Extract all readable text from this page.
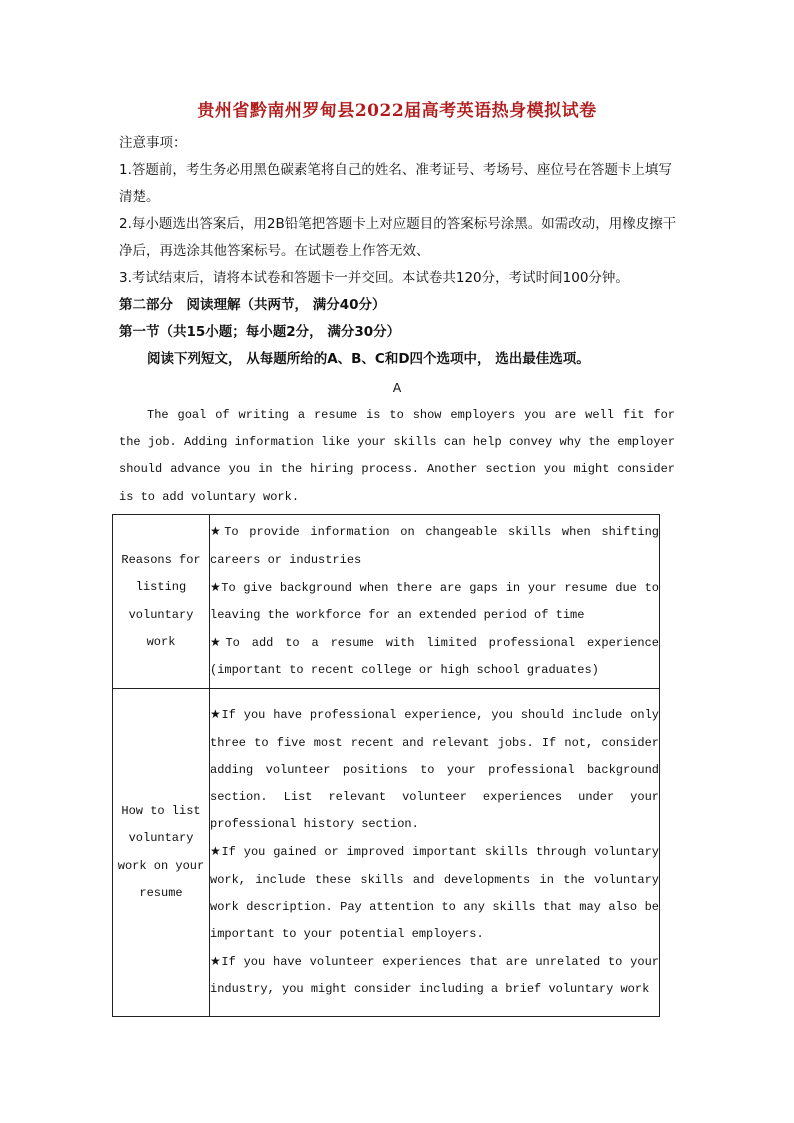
贵州省黔南州罗甸县2022届高考英语热身模拟试卷
注意事项：
1.答题前，考生务必用黑色碳素笔将自己的姓名、准考证号、考场号、座位号在答题卡上填写清楚。
2.每小题选出答案后，用2B铅笔把答题卡上对应题目的答案标号涂黑。如需改动，用橡皮擦干净后，再选涂其他答案标号。在试题卷上作答无效、
3.考试结束后，请将本试卷和答题卡一并交回。本试卷共120分，考试时间100分钟。
第二部分　阅读理解（共两节， 满分40分）
第一节（共15小题；每小题2分， 满分30分）
阅读下列短文， 从每题所给的A、B、C和D四个选项中， 选出最佳选项。
A
The goal of writing a resume is to show employers you are well fit for the job. Adding information like your skills can help convey why the employer should advance you in the hiring process. Another section you might consider is to add voluntary work.
Reasons for listing voluntary work	★To provide information on changeable skills when shifting careers or industries

★To give background when there are gaps in your resume due to leaving the workforce for an extended period of time

★To add to a resume with limited professional experience (important to recent college or high school graduates)

How to list voluntary work on your resume	★If you have professional experience, you should include only three to five most recent and relevant jobs. If not, consider adding volunteer positions to your professional background section. List relevant volunteer experiences under your professional history section.

★If you gained or improved important skills through voluntary work, include these skills and developments in the voluntary work description. Pay attention to any skills that may also be important to your potential employers.

★If you have volunteer experiences that are unrelated to your industry, you might consider including a brief voluntary work
